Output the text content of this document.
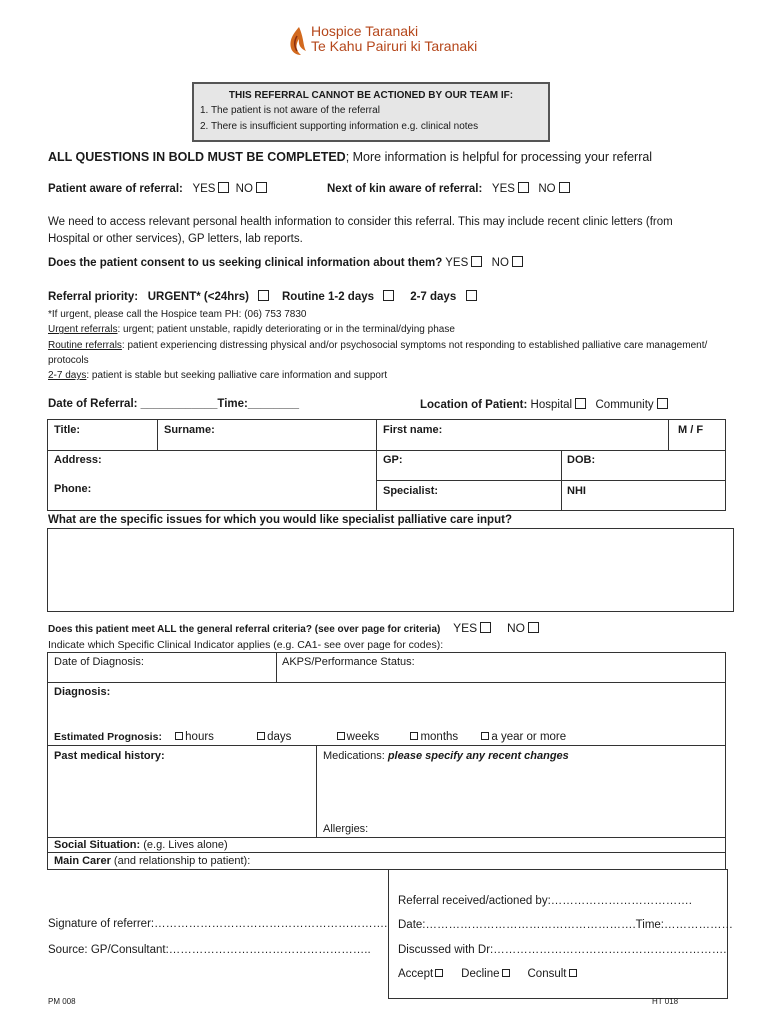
Hospice Taranaki
Te Kahu Pairuri ki Taranaki
THIS REFERRAL CANNOT BE ACTIONED BY OUR TEAM IF:
1. The patient is not aware of the referral
2. There is insufficient supporting information e.g. clinical notes
ALL QUESTIONS IN BOLD MUST BE COMPLETED; More information is helpful for processing your referral
Patient aware of referral: YES NO	Next of kin aware of referral: YES NO
We need to access relevant personal health information to consider this referral. This may include recent clinic letters (from Hospital or other services), GP letters, lab reports.
Does the patient consent to us seeking clinical information about them? YES NO
Referral priority: URGENT* (<24hrs)	Routine 1-2 days	2-7 days
*If urgent, please call the Hospice team PH: (06) 753 7830
Urgent referrals: urgent; patient unstable, rapidly deteriorating or in the terminal/dying phase
Routine referrals: patient experiencing distressing physical and/or psychosocial symptoms not responding to established palliative care management/ protocols
2-7 days: patient is stable but seeking palliative care information and support
Date of Referral: ____________Time:________	Location of Patient: Hospital Community
Title:	Surname:	First name:	M / F
Address:	GP:	DOB:
Phone:	Specialist:	NHI
What are the specific issues for which you would like specialist palliative care input?
Does this patient meet ALL the general referral criteria? (see over page for criteria) YES NO
Indicate which Specific Clinical Indicator applies (e.g. CA1- see over page for codes):
Date of Diagnosis:	AKPS/Performance Status:
Diagnosis:
Estimated Prognosis: hours	days	weeks	months	a year or more
Past medical history:	Medications: please specify any recent changes
Allergies:
Social Situation: (e.g. Lives alone)
Main Carer (and relationship to patient):
Signature of referrer:…………………………………………………….
Source: GP/Consultant:……………………………………………..
Referral received/actioned by:……………………………….
Date:……………………………………………….Time:………………
Discussed with Dr:…………………………………………………….
Accept Decline Consult
PM 008	HT 018
